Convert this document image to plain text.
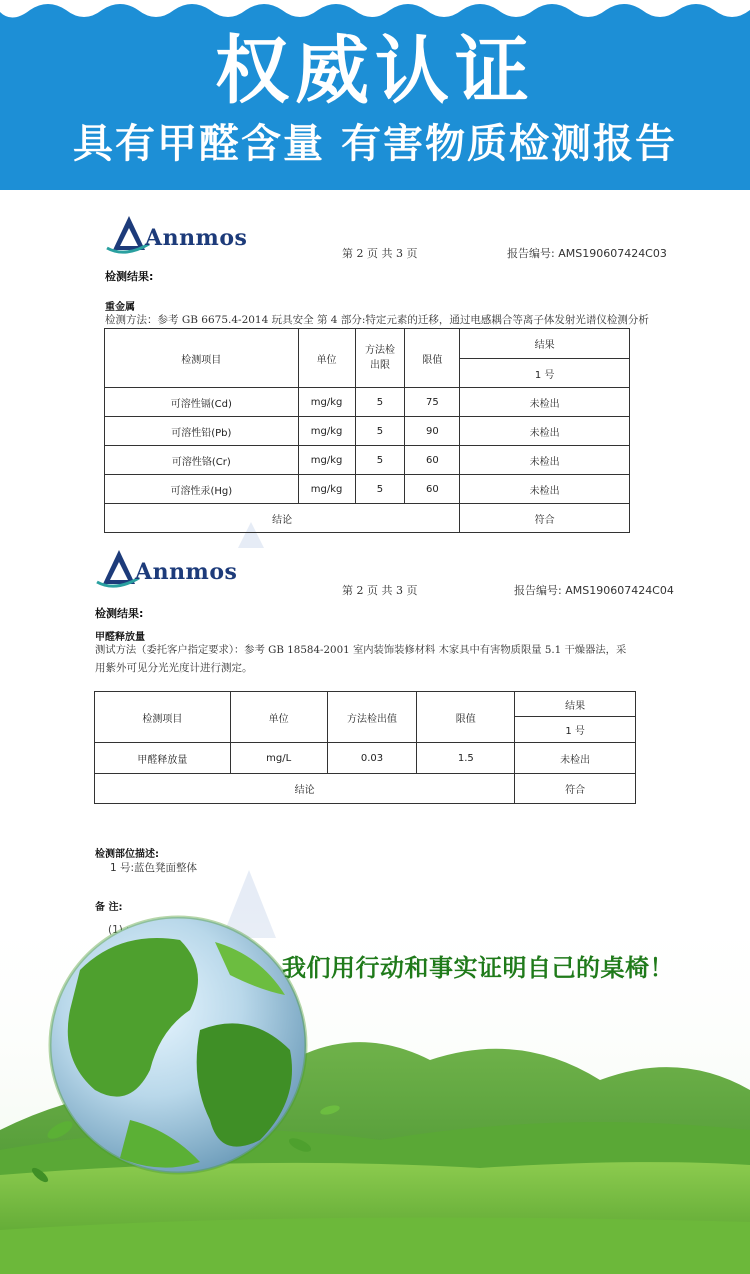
权威认证
具有甲醛含量 有害物质检测报告
Annmos
第 2 页 共 3 页	报告编号: AMS190607424C03
检测结果:
重金属
检测方法：参考 GB 6675.4-2014 玩具安全 第 4 部分:特定元素的迁移，通过电感耦合等离子体发射光谱仪检测分析
检测项目	单位	方法检出限	限值	结果
				1 号
可溶性镉(Cd)	mg/kg	5	75	未检出
可溶性铅(Pb)	mg/kg	5	90	未检出
可溶性铬(Cr)	mg/kg	5	60	未检出
可溶性汞(Hg)	mg/kg	5	60	未检出
结论				符合
Annmos
第 2 页 共 3 页	报告编号: AMS190607424C04
检测结果:
甲醛释放量
测试方法（委托客户指定要求）：参考 GB 18584-2001 室内装饰装修材料 木家具中有害物质限量 5.1 干燥器法，采
用紫外可见分光光度计进行测定。
检测项目	单位	方法检出值	限值	结果
				1 号
甲醛释放量	mg/L	0.03	1.5	未检出
结论				符合
检测部位描述:
1 号:蓝色凳面整体
我们用行动和事实证明自己的桌椅！
